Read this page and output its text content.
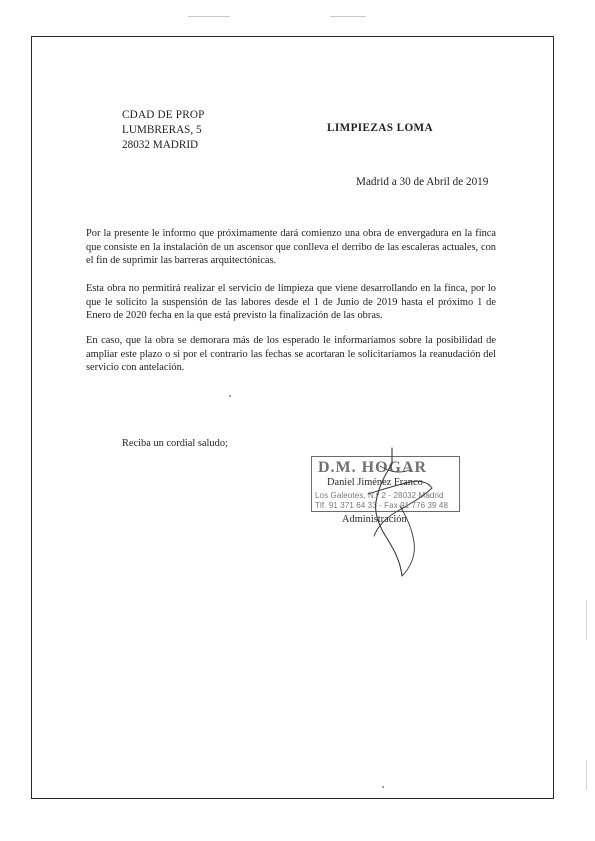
CDAD DE PROP
LUMBRERAS, 5
28032 MADRID
LIMPIEZAS LOMA
Madrid a 30 de Abril de 2019

Por la presente le informo que próximamente dará comienzo una obra de envergadura en la finca que consiste en la instalación de un ascensor que conlleva el derribo de las escaleras actuales, con el fin de suprimir las barreras arquitectónicas.

Esta obra no permitirá realizar el servicio de limpieza que viene desarrollando en la finca, por lo que le solicito la suspensión de las labores desde el 1 de Junio de 2019 hasta el próximo 1 de Enero de 2020 fecha en la que está previsto la finalización de las obras.

En caso, que la obra se demorara más de los esperado le informaríamos sobre la posibilidad de ampliar este plazo o si por el contrario las fechas se acortaran le solicitaríamos la reanudación del servicio con antelación.

Reciba un cordial saludo;
D.M. HOGAR
Los Galeotes, N.º 2 - 28032 Madrid
Tlf. 91 371 64 33 - Fax 91 776 39 48
Daniel Jiménez Franco
Administración
